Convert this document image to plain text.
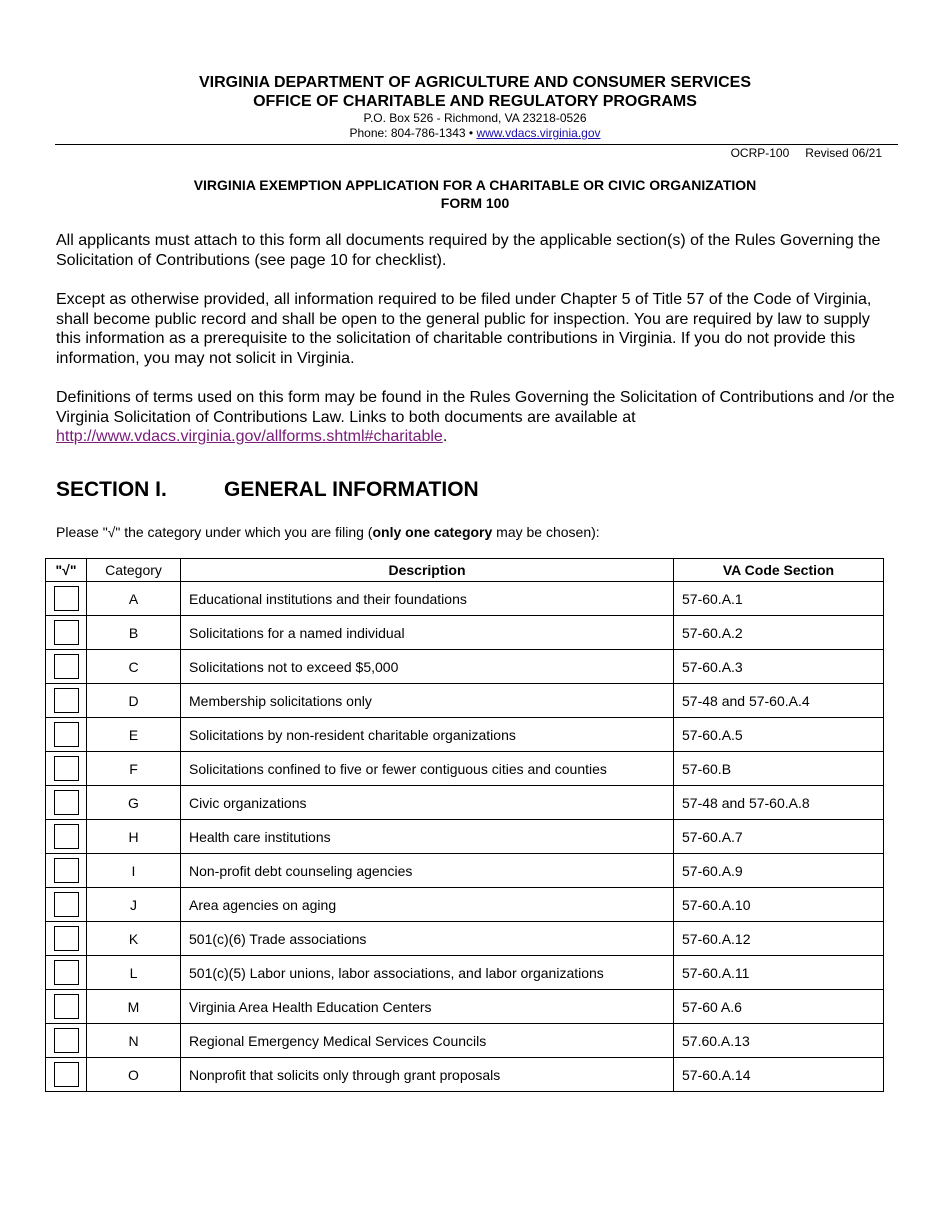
VIRGINIA DEPARTMENT OF AGRICULTURE AND CONSUMER SERVICES
OFFICE OF CHARITABLE AND REGULATORY PROGRAMS
P.O. Box 526 - Richmond, VA 23218-0526
Phone: 804-786-1343 • www.vdacs.virginia.gov
OCRP-100 Revised 06/21
VIRGINIA EXEMPTION APPLICATION FOR A CHARITABLE OR CIVIC ORGANIZATION
FORM 100

All applicants must attach to this form all documents required by the applicable section(s) of the Rules Governing the Solicitation of Contributions (see page 10 for checklist).

Except as otherwise provided, all information required to be filed under Chapter 5 of Title 57 of the Code of Virginia, shall become public record and shall be open to the general public for inspection. You are required by law to supply this information as a prerequisite to the solicitation of charitable contributions in Virginia. If you do not provide this information, you may not solicit in Virginia.

Definitions of terms used on this form may be found in the Rules Governing the Solicitation of Contributions and /or the Virginia Solicitation of Contributions Law. Links to both documents are available at http://www.vdacs.virginia.gov/allforms.shtml#charitable.

SECTION I.	GENERAL INFORMATION
Please "√" the category under which you are filing (only one category may be chosen):
"√"	Category	Description	VA Code Section
	A	Educational institutions and their foundations	57-60.A.1
	B	Solicitations for a named individual	57-60.A.2
	C	Solicitations not to exceed $5,000	57-60.A.3
	D	Membership solicitations only	57-48 and 57-60.A.4
	E	Solicitations by non-resident charitable organizations	57-60.A.5
	F	Solicitations confined to five or fewer contiguous cities and counties	57-60.B
	G	Civic organizations	57-48 and 57-60.A.8
	H	Health care institutions	57-60.A.7
	I	Non-profit debt counseling agencies	57-60.A.9
	J	Area agencies on aging	57-60.A.10
	K	501(c)(6) Trade associations	57-60.A.12
	L	501(c)(5) Labor unions, labor associations, and labor organizations	57-60.A.11
	M	Virginia Area Health Education Centers	57-60 A.6
	N	Regional Emergency Medical Services Councils	57.60.A.13
	O	Nonprofit that solicits only through grant proposals	57-60.A.14
